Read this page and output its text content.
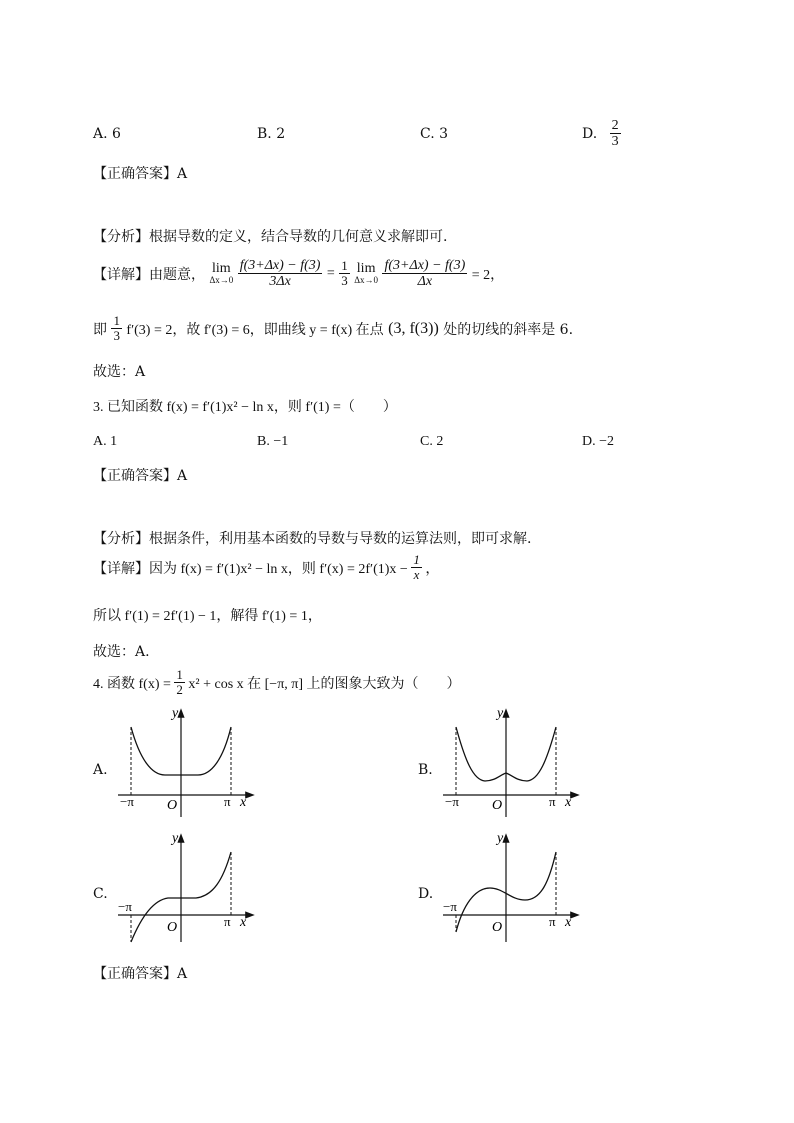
A. 6	B. 2	C. 3	D. $\frac{2}{3}$
【正确答案】A
【分析】根据导数的定义，结合导数的几何意义求解即可.
【详解】由题意， lim
Δx→0
$\frac{f(3+\Delta x) - f(3)}{3\Delta x} = \frac{1}{3}$ lim
Δx→0
$\frac{f(3+\Delta x) - f(3)}{\Delta x} = 2$，
即 $\frac{1}{3} f'(3) = 2$，故 f′(3) = 6，即曲线 y = f(x) 在点 (3, f(3)) 处的切线的斜率是 6.
故选：A
3. 已知函数 f(x) = f′(1)x² − ln x，则 f′(1) =（　　）
A. 1	B. −1	C. 2	D. −2
【正确答案】A
【分析】根据条件，利用基本函数的导数与导数的运算法则，即可求解.
【详解】因为 f(x) = f′(1)x² − ln x，则 $f'(x) = 2f'(1)x - \frac{1}{x}$ ，
所以 f′(1) = 2f′(1) − 1，解得 f′(1) = 1，
故选：A.
4. 函数 $f(x) = \frac{1}{2} x^2 + \cos x$ 在 [−π, π] 上的图象大致为（　　）
A.	B.
C.	D.
y
x
O
−π	π
y
x
O
−π	π
y
x
O
−π
π
y
x
O
−π
π
【正确答案】A
